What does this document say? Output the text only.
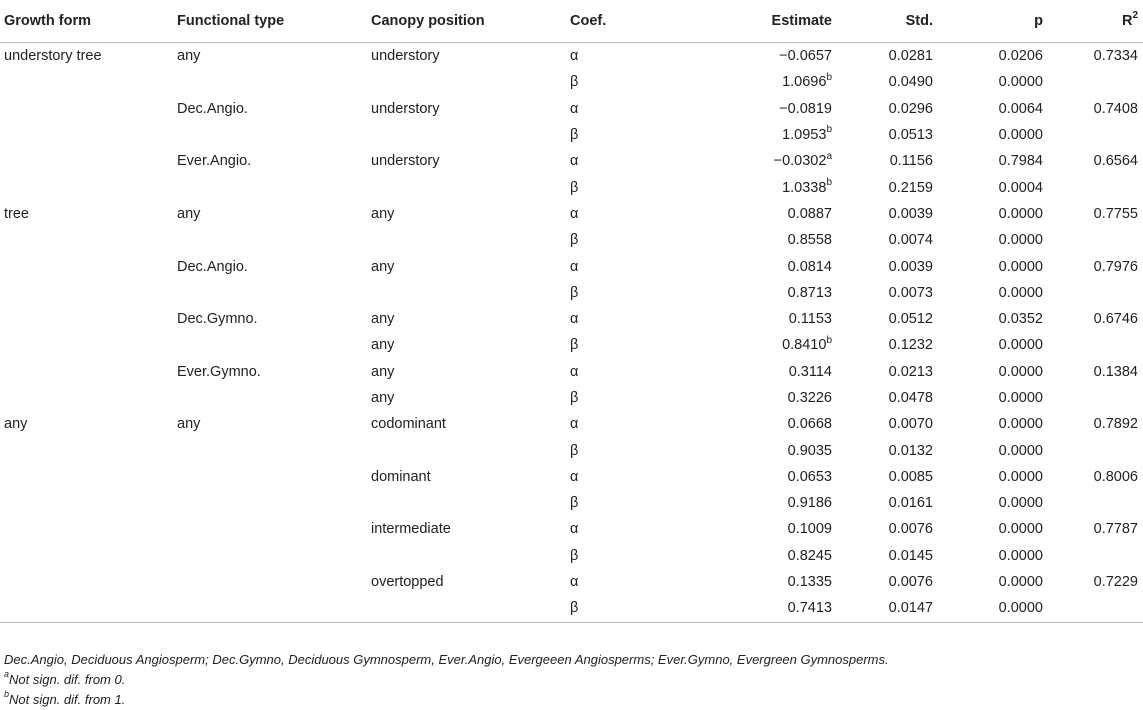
Growth form	Functional type	Canopy position	Coef.	Estimate	Std.	p	$R^2$
understory tree	any	understory	α	−0.0657	0.0281	0.0206	0.7334
			β	1.0696$^b$	0.0490	0.0000	
	Dec.Angio.	understory	α	−0.0819	0.0296	0.0064	0.7408
			β	1.0953$^b$	0.0513	0.0000	
	Ever.Angio.	understory	α	−0.0302$^a$	0.1156	0.7984	0.6564
			β	1.0338$^b$	0.2159	0.0004	
tree	any	any	α	0.0887	0.0039	0.0000	0.7755
			β	0.8558	0.0074	0.0000	
	Dec.Angio.	any	α	0.0814	0.0039	0.0000	0.7976
			β	0.8713	0.0073	0.0000	
	Dec.Gymno.	any	α	0.1153	0.0512	0.0352	0.6746
		any	β	0.8410$^b$	0.1232	0.0000	
	Ever.Gymno.	any	α	0.3114	0.0213	0.0000	0.1384
		any	β	0.3226	0.0478	0.0000	
any	any	codominant	α	0.0668	0.0070	0.0000	0.7892
			β	0.9035	0.0132	0.0000	
		dominant	α	0.0653	0.0085	0.0000	0.8006
			β	0.9186	0.0161	0.0000	
		intermediate	α	0.1009	0.0076	0.0000	0.7787
			β	0.8245	0.0145	0.0000	
		overtopped	α	0.1335	0.0076	0.0000	0.7229
			β	0.7413	0.0147	0.0000	
Dec.Angio, Deciduous Angiosperm; Dec.Gymno, Deciduous Gymnosperm, Ever.Angio, Evergeeen Angiosperms; Ever.Gymno, Evergreen Gymnosperms.
$^a$Not sign. dif. from 0.
$^b$Not sign. dif. from 1.
